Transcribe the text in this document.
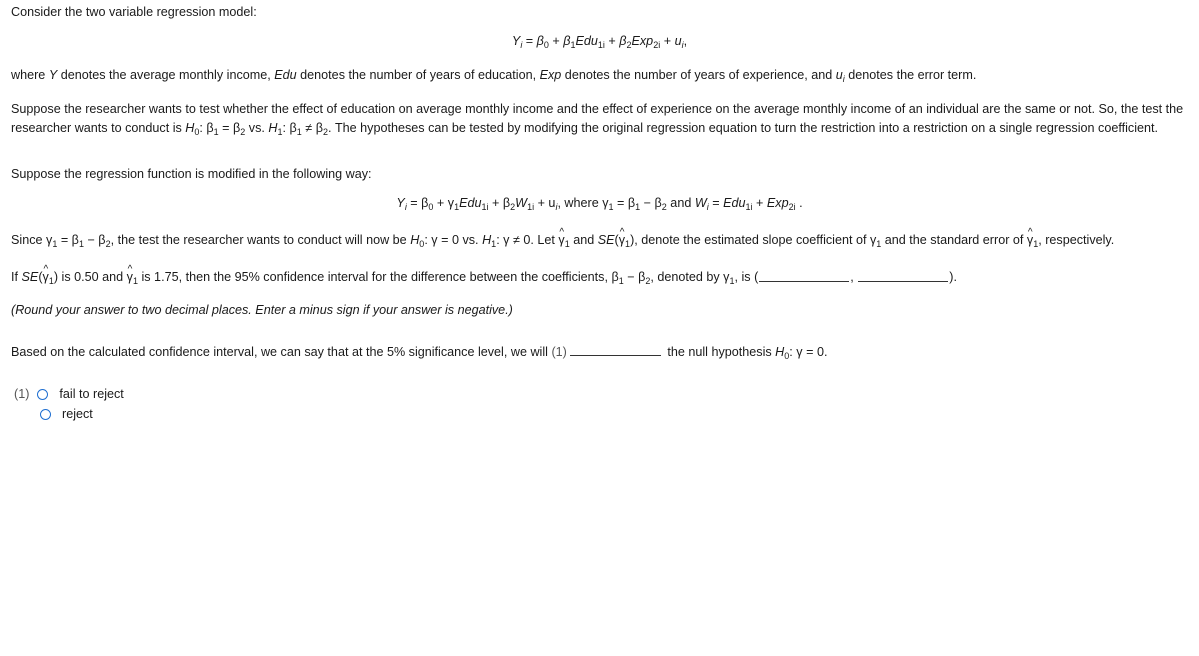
Consider the two variable regression model:
$Y_i = \beta_0 + \beta_1Edu_{1i} + \beta_2Exp_{2i} + u_i$,
where Y denotes the average monthly income, Edu denotes the number of years of education, Exp denotes the number of years of experience, and $u_i$ denotes the error term.
Suppose the researcher wants to test whether the effect of education on average monthly income and the effect of experience on the average monthly income of an individual are the same or not. So, the test the researcher wants to conduct is $H_0$: $\beta_1 = \beta_2$ vs. $H_1$: $\beta_1 \ne \beta_2$. The hypotheses can be tested by modifying the original regression equation to turn the restriction into a restriction on a single regression coefficient.
Suppose the regression function is modified in the following way:
$Y_i = \beta_0 + \gamma_1Edu_{1i} + \beta_2W_{1i} + u_i$, where $\gamma_1 = \beta_1 - \beta_2$ and $W_i = Edu_{1i} + Exp_{2i}$ .
Since $\gamma_1 = \beta_1 - \beta_2$, the test the researcher wants to conduct will now be $H_0$: γ = 0 vs. $H_1$: γ ≠ 0. Let ^ $\gamma_1$ and SE(^ $\gamma_1$), denote the estimated slope coefficient of $\gamma_1$ and the standard error of ^ $\gamma_1$, respectively.
If SE(^ $\gamma_1$) is 0.50 and ^ $\gamma_1$ is 1.75, then the 95% confidence interval for the difference between the coefficients, $\beta_1 - \beta_2$, denoted by $\gamma_1$, is (	,	).
(Round your answer to two decimal places. Enter a minus sign if your answer is negative.)
Based on the calculated confidence interval, we can say that at the 5% significance level, we will (1)	the null hypothesis $H_0$: γ = 0.
(1) fail to reject
reject
